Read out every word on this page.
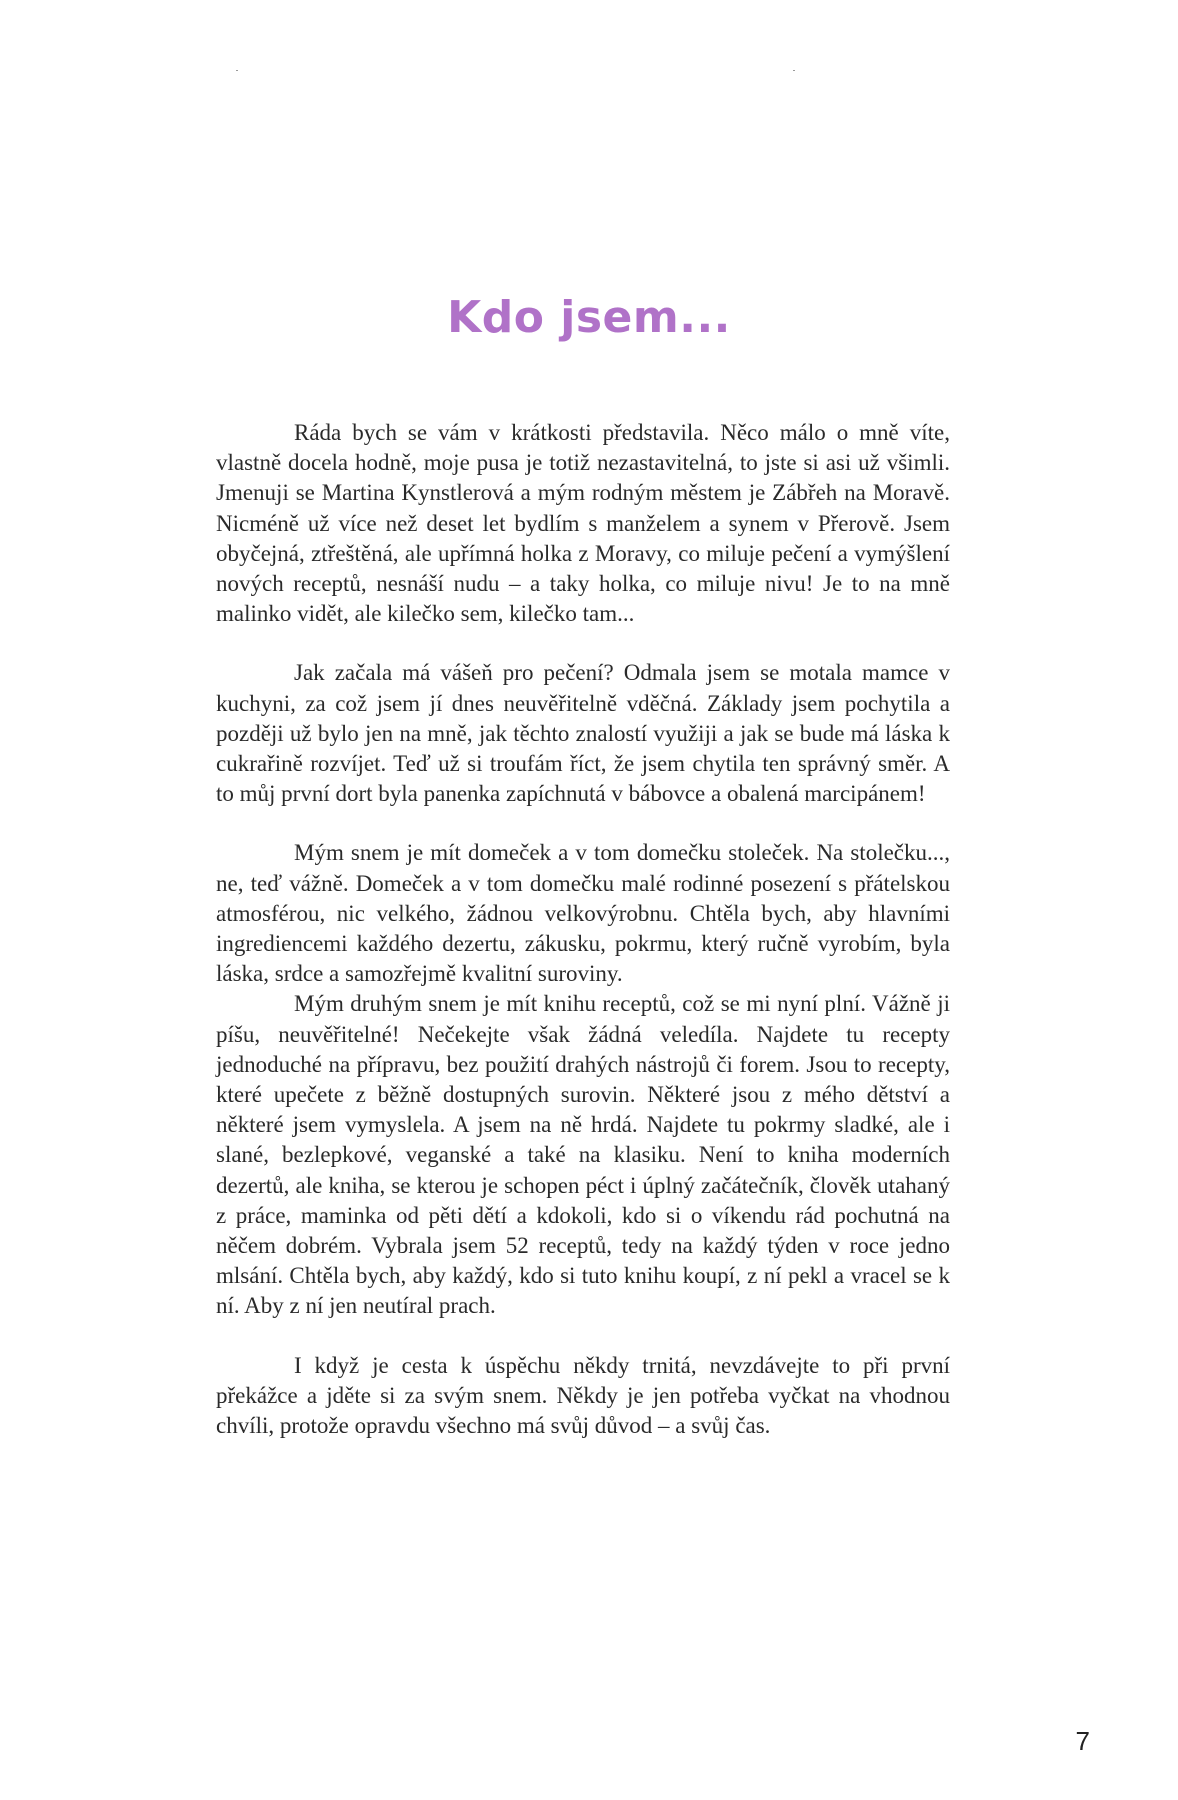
Kdo jsem...

Ráda bych se vám v krátkosti představila. Něco málo o mně víte, vlastně docela hodně, moje pusa je totiž nezastavitelná, to jste si asi už všimli. Jmenuji se Martina Kynstlerová a mým rodným městem je Zábřeh na Moravě. Nicméně už více než deset let bydlím s manželem a synem v Přerově. Jsem obyčejná, ztřeštěná, ale upřímná holka z Moravy, co miluje pečení a vymýšlení nových receptů, nesnáší nudu – a taky holka, co miluje nivu! Je to na mně malinko vidět, ale kilečko sem, kilečko tam...

Jak začala má vášeň pro pečení? Odmala jsem se motala mamce v kuchyni, za což jsem jí dnes neuvěřitelně vděčná. Základy jsem pochytila a později už bylo jen na mně, jak těchto znalostí využiji a jak se bude má láska k cukrařině rozvíjet. Teď už si troufám říct, že jsem chytila ten správný směr. A to můj první dort byla panenka zapíchnutá v bábovce a obalená marcipánem!

Mým snem je mít domeček a v tom domečku stoleček. Na stolečku..., ne, teď vážně. Domeček a v tom domečku malé rodinné posezení s přátelskou atmosférou, nic velkého, žádnou velkovýrobnu. Chtěla bych, aby hlavními ingrediencemi každého dezertu, zákusku, pokrmu, který ručně vyrobím, byla láska, srdce a samozřejmě kvalitní suroviny.

Mým druhým snem je mít knihu receptů, což se mi nyní plní. Vážně ji píšu, neuvěřitelné! Nečekejte však žádná veledíla. Najdete tu recepty jednoduché na přípravu, bez použití drahých nástrojů či forem. Jsou to recepty, které upečete z běžně dostupných surovin. Některé jsou z mého dětství a některé jsem vymyslela. A jsem na ně hrdá. Najdete tu pokrmy sladké, ale i slané, bezlepkové, veganské a také na klasiku. Není to kniha moderních dezertů, ale kniha, se kterou je schopen péct i úplný začátečník, člověk utahaný z práce, maminka od pěti dětí a kdokoli, kdo si o víkendu rád pochutná na něčem dobrém. Vybrala jsem 52 receptů, tedy na každý týden v roce jedno mlsání. Chtěla bych, aby každý, kdo si tuto knihu koupí, z ní pekl a vracel se k ní. Aby z ní jen neutíral prach.

I když je cesta k úspěchu někdy trnitá, nevzdávejte to při první překážce a jděte si za svým snem. Někdy je jen potřeba vyčkat na vhodnou chvíli, protože opravdu všechno má svůj důvod – a svůj čas.

7
